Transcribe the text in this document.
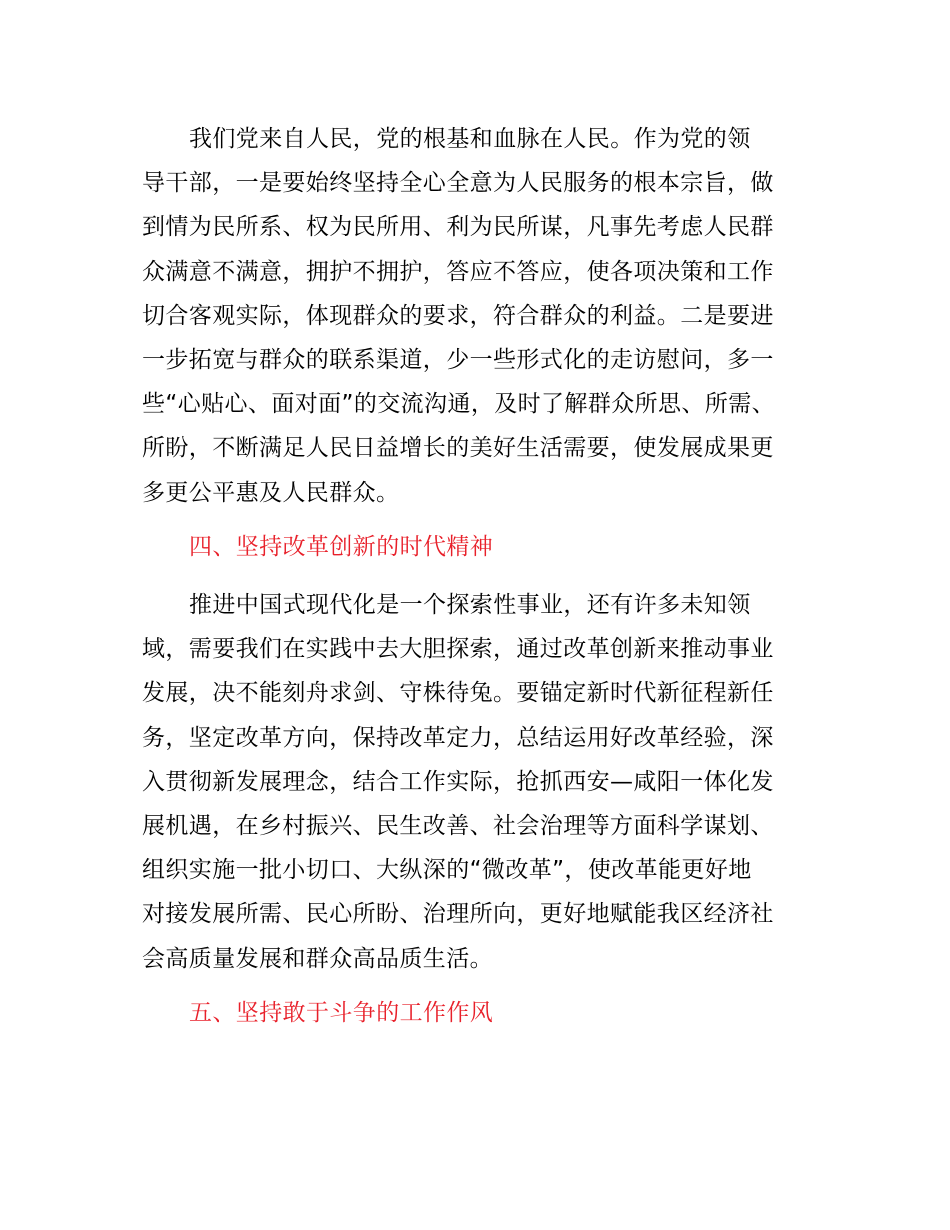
我们党来自人民，党的根基和血脉在人民。作为党的领
导干部，一是要始终坚持全心全意为人民服务的根本宗旨，做
到情为民所系、权为民所用、利为民所谋，凡事先考虑人民群
众满意不满意，拥护不拥护，答应不答应，使各项决策和工作
切合客观实际，体现群众的要求，符合群众的利益。二是要进
一步拓宽与群众的联系渠道，少一些形式化的走访慰问，多一
些“心贴心、面对面”的交流沟通，及时了解群众所思、所需、
所盼，不断满足人民日益增长的美好生活需要，使发展成果更
多更公平惠及人民群众。
四、坚持改革创新的时代精神
推进中国式现代化是一个探索性事业，还有许多未知领
域，需要我们在实践中去大胆探索，通过改革创新来推动事业
发展，决不能刻舟求剑、守株待兔。要锚定新时代新征程新任
务，坚定改革方向，保持改革定力，总结运用好改革经验，深
入贯彻新发展理念，结合工作实际，抢抓西安—咸阳一体化发
展机遇，在乡村振兴、民生改善、社会治理等方面科学谋划、
组织实施一批小切口、大纵深的“微改革”，使改革能更好地
对接发展所需、民心所盼、治理所向，更好地赋能我区经济社
会高质量发展和群众高品质生活。
五、坚持敢于斗争的工作作风
